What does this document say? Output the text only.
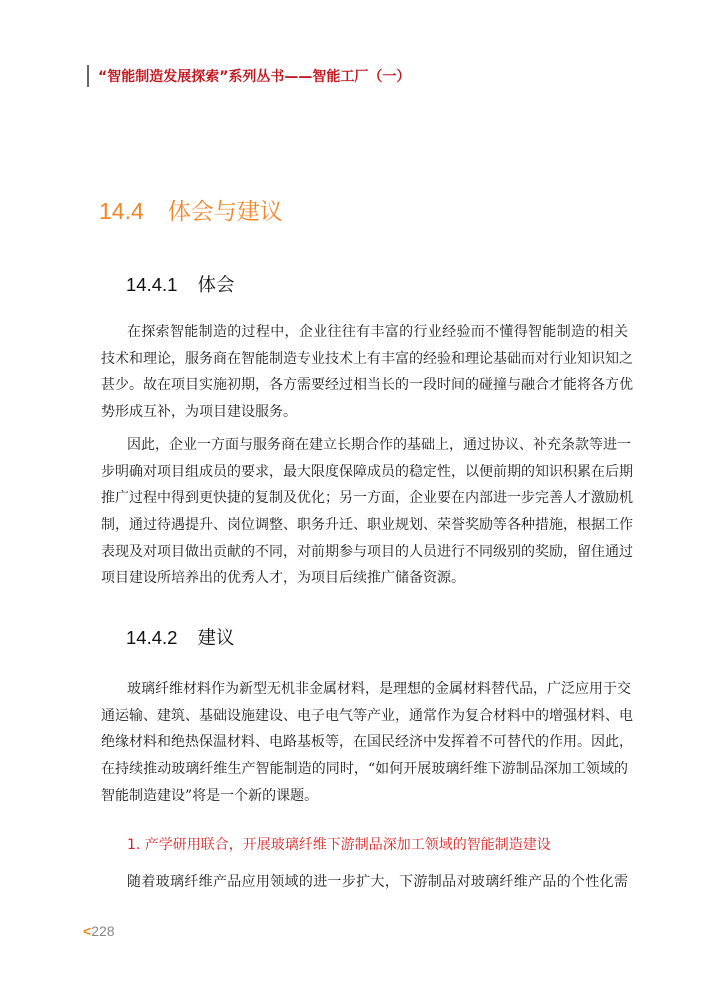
“智能制造发展探索”系列丛书——智能工厂（一）
14.4 体会与建议
14.4.1 体会
在探索智能制造的过程中，企业往往有丰富的行业经验而不懂得智能制造的相关
技术和理论，服务商在智能制造专业技术上有丰富的经验和理论基础而对行业知识知之
甚少。故在项目实施初期，各方需要经过相当长的一段时间的碰撞与融合才能将各方优
势形成互补，为项目建设服务。
因此，企业一方面与服务商在建立长期合作的基础上，通过协议、补充条款等进一
步明确对项目组成员的要求，最大限度保障成员的稳定性，以便前期的知识积累在后期
推广过程中得到更快捷的复制及优化；另一方面，企业要在内部进一步完善人才激励机
制，通过待遇提升、岗位调整、职务升迁、职业规划、荣誉奖励等各种措施，根据工作
表现及对项目做出贡献的不同，对前期参与项目的人员进行不同级别的奖励，留住通过
项目建设所培养出的优秀人才，为项目后续推广储备资源。
14.4.2 建议
玻璃纤维材料作为新型无机非金属材料，是理想的金属材料替代品，广泛应用于交
通运输、建筑、基础设施建设、电子电气等产业，通常作为复合材料中的增强材料、电
绝缘材料和绝热保温材料、电路基板等，在国民经济中发挥着不可替代的作用。因此，
在持续推动玻璃纤维生产智能制造的同时，“如何开展玻璃纤维下游制品深加工领域的
智能制造建设”将是一个新的课题。
1. 产学研用联合，开展玻璃纤维下游制品深加工领域的智能制造建设
随着玻璃纤维产品应用领域的进一步扩大，下游制品对玻璃纤维产品的个性化需
<228
